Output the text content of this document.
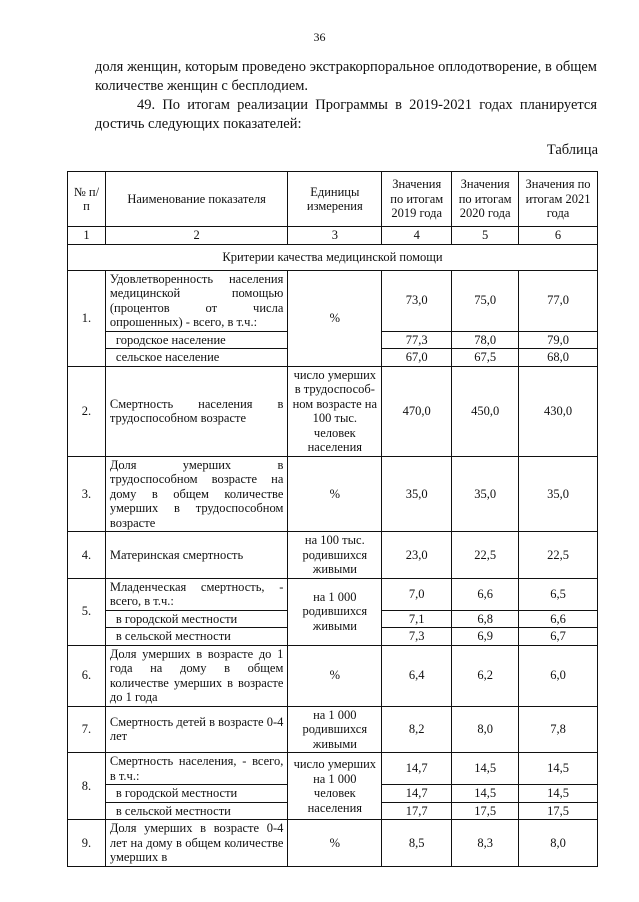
36
доля женщин, которым проведено экстракорпоральное оплодотворение, в общем количестве женщин с бесплодием.
49. По итогам реализации Программы в 2019-2021 годах планируется достичь следующих показателей:
Таблица
№ п/п	Наименование показателя	Единицы измерения	Значения по итогам 2019 года	Значения по итогам 2020 года	Значения по итогам 2021 года
1	2	3	4	5	6
Критерии качества медицинской помощи					
1.	Удовлетворенность населения медицинской помощью (процентов от числа опрошенных) - всего, в т.ч.:	%	73,0	75,0	77,0
	городское население		77,3	78,0	79,0
	сельское население		67,0	67,5	68,0
2.	Смертность населения в трудоспособном возрасте	число умерших в трудоспособ-ном возрасте на 100 тыс. человек населения	470,0	450,0	430,0
3.	Доля умерших в трудоспособном возрасте на дому в общем количестве умерших в трудоспособном возрасте	%	35,0	35,0	35,0
4.	Материнская смертность	на 100 тыс. родившихся живыми	23,0	22,5	22,5
5.	Младенческая смертность, - всего, в т.ч.:	на 1 000 родившихся живыми	7,0	6,6	6,5
	в городской местности		7,1	6,8	6,6
	в сельской местности		7,3	6,9	6,7
6.	Доля умерших в возрасте до 1 года на дому в общем количестве умерших в возрасте до 1 года	%	6,4	6,2	6,0
7.	Смертность детей в возрасте 0-4 лет	на 1 000 родившихся живыми	8,2	8,0	7,8
8.	Смертность населения, - всего, в т.ч.:	число умерших на 1 000 человек населения	14,7	14,5	14,5
	в городской местности		14,7	14,5	14,5
	в сельской местности		17,7	17,5	17,5
9.	Доля умерших в возрасте 0-4 лет на дому в общем количестве умерших в	%	8,5	8,3	8,0
